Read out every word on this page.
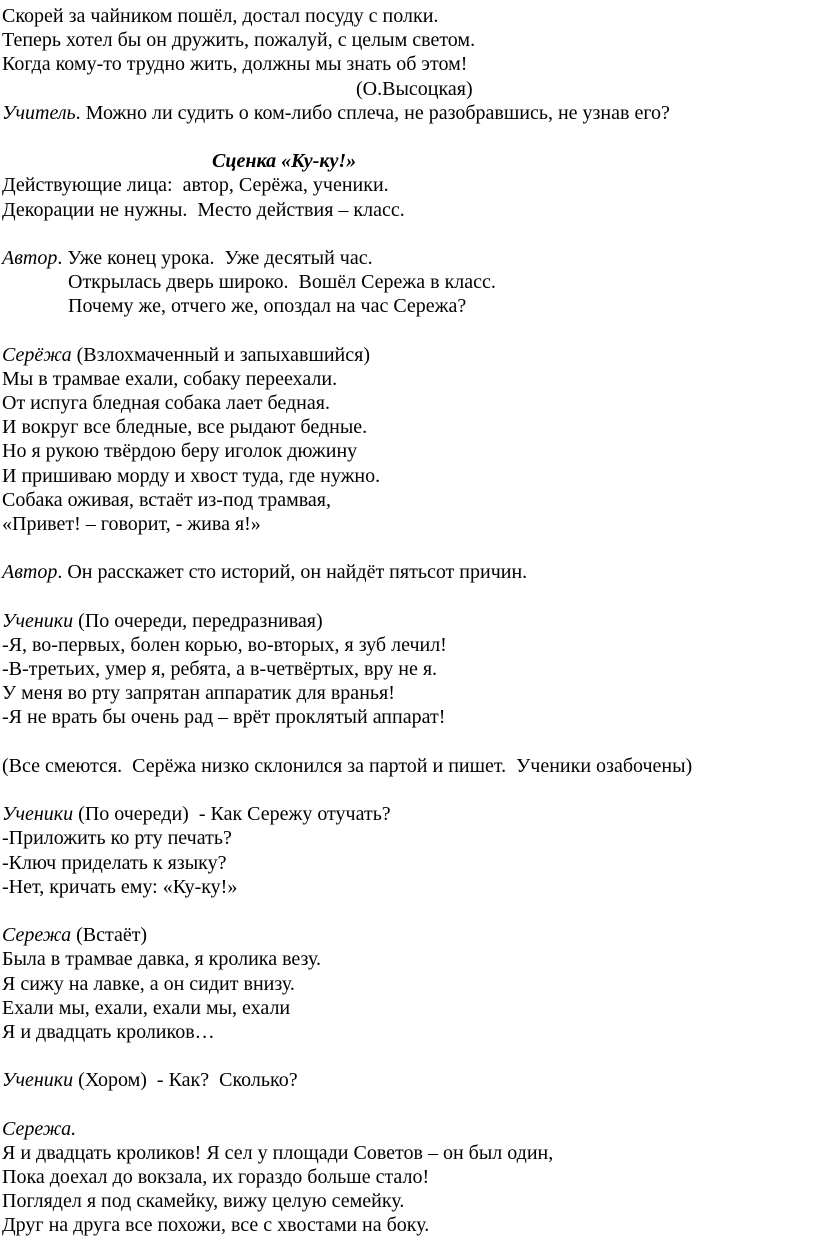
Скорей за чайником пошёл, достал посуду с полки.
Теперь хотел бы он дружить, пожалуй, с целым светом.
Когда кому-то трудно жить, должны мы знать об этом!
(О.Высоцкая)
Учитель. Можно ли судить о ком-либо сплеча, не разобравшись, не узнав его?
Сценка «Ку-ку!»
Действующие лица:  автор, Серёжа, ученики.
Декорации не нужны.  Место действия – класс.
Автор. Уже конец урока.  Уже десятый час.
Открылась дверь широко.  Вошёл Сережа в класс.
Почему же, отчего же, опоздал на час Сережа?
Серёжа (Взлохмаченный и запыхавшийся)
Мы в трамвае ехали, собаку переехали.
От испуга бледная собака лает бедная.
И вокруг все бледные, все рыдают бедные.
Но я рукою твёрдою беру иголок дюжину
И пришиваю морду и хвост туда, где нужно.
Собака оживая, встаёт из-под трамвая,
«Привет! – говорит, - жива я!»
Автор. Он расскажет сто историй, он найдёт пятьсот причин.
Ученики (По очереди, передразнивая)
-Я, во-первых, болен корью, во-вторых, я зуб лечил!
-В-третьих, умер я, ребята, а в-четвёртых, вру не я.
У меня во рту запрятан аппаратик для вранья!
-Я не врать бы очень рад – врёт проклятый аппарат!
(Все смеются.  Серёжа низко склонился за партой и пишет.  Ученики озабочены)
Ученики (По очереди)  - Как Сережу отучать?
-Приложить ко рту печать?
-Ключ приделать к языку?
-Нет, кричать ему: «Ку-ку!»
Сережа (Встаёт)
Была в трамвае давка, я кролика везу.
Я сижу на лавке, а он сидит внизу.
Ехали мы, ехали, ехали мы, ехали
Я и двадцать кроликов…
Ученики (Хором)  - Как?  Сколько?
Сережа.
Я и двадцать кроликов! Я сел у площади Советов – он был один,
Пока доехал до вокзала, их гораздо больше стало!
Поглядел я под скамейку, вижу целую семейку.
Друг на друга все похожи, все с хвостами на боку.
